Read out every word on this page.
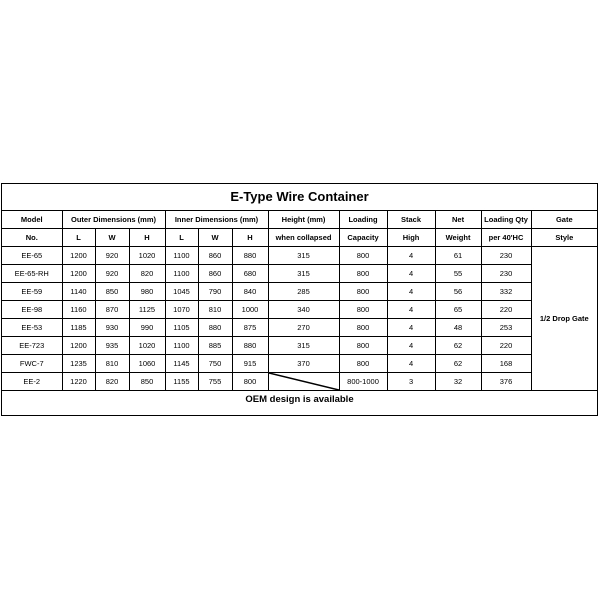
E-Type Wire Container
Model	Outer Dimensions (mm)			Inner Dimensions (mm)			Height (mm)	Loading	Stack	Net	Loading Qty	Gate
No.	L	W	H	L	W	H	when collapsed	Capacity	High	Weight	per 40'HC	Style
EE-65	1200	920	1020	1100	860	880	315	800	4	61	230	1/2 Drop Gate
EE-65-RH	1200	920	820	1100	860	680	315	800	4	55	230	
EE-59	1140	850	980	1045	790	840	285	800	4	56	332	
EE-98	1160	870	1125	1070	810	1000	340	800	4	65	220	
EE-53	1185	930	990	1105	880	875	270	800	4	48	253	
EE-723	1200	935	1020	1100	885	880	315	800	4	62	220	
FWC-7	1235	810	1060	1145	750	915	370	800	4	62	168	
EE-2	1220	820	850	1155	755	800		800-1000	3	32	376	
OEM design is available
